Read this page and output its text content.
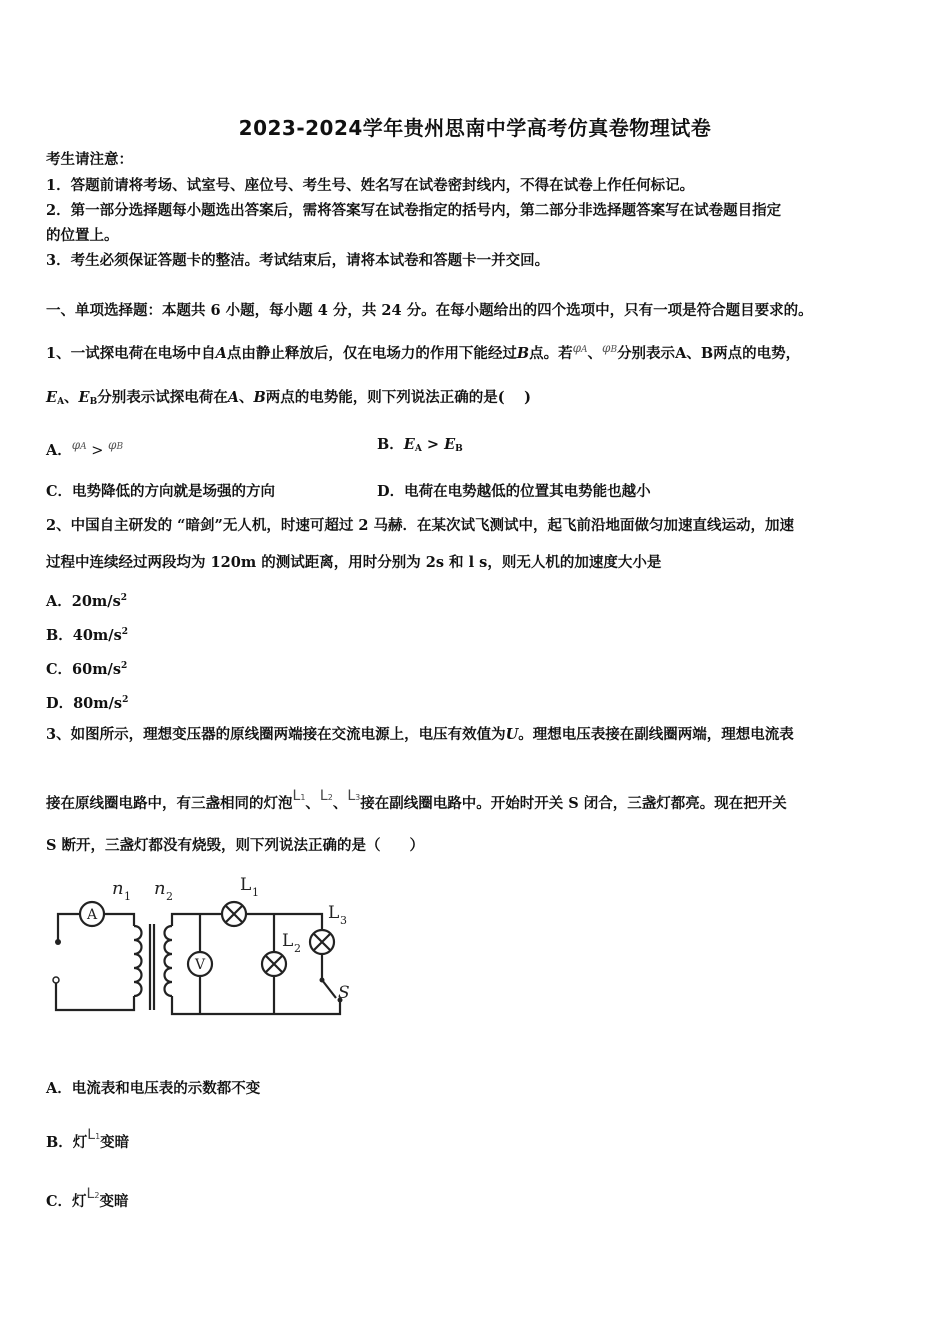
2023-2024学年贵州思南中学高考仿真卷物理试卷
考生请注意：
1．答题前请将考场、试室号、座位号、考生号、姓名写在试卷密封线内，不得在试卷上作任何标记。
2．第一部分选择题每小题选出答案后，需将答案写在试卷指定的括号内，第二部分非选择题答案写在试卷题目指定
的位置上。
3．考生必须保证答题卡的整洁。考试结束后，请将本试卷和答题卡一并交回。
一、单项选择题：本题共 6 小题，每小题 4 分，共 24 分。在每小题给出的四个选项中，只有一项是符合题目要求的。
1、一试探电荷在电场中自A点由静止释放后，仅在电场力的作用下能经过B点。若$^{\varphi A}$、$^{\varphi B}$分别表示A、B两点的电势，
$E_A$、$E_B$分别表示试探电荷在A、B两点的电势能，则下列说法正确的是(　 )
A．$^{\varphi A}$ > $^{\varphi B}$	B．$E_A > E_B$
C．电势降低的方向就是场强的方向	D．电荷在电势越低的位置其电势能也越小
2、中国自主研发的 “暗剑”无人机，时速可超过 2 马赫．在某次试飞测试中，起飞前沿地面做匀加速直线运动，加速
过程中连续经过两段均为 120m 的测试距离，用时分别为 2s 和 l s，则无人机的加速度大小是
A．$20m/s^2$
B．$40m/s^2$
C．$60m/s^2$
D．$80m/s^2$
3、如图所示，理想变压器的原线圈两端接在交流电源上，电压有效值为U。理想电压表接在副线圈两端，理想电流表
接在原线圈电路中，有三盏相同的灯泡L1、L2、L3接在副线圈电路中。开始时开关 S 闭合，三盏灯都亮。现在把开关
S 断开，三盏灯都没有烧毁，则下列说法正确的是（　　）
A
V
n 1 n 2
L 1
L 2
L 3
S
A．电流表和电压表的示数都不变
B．灯L1变暗
C．灯L2变暗
